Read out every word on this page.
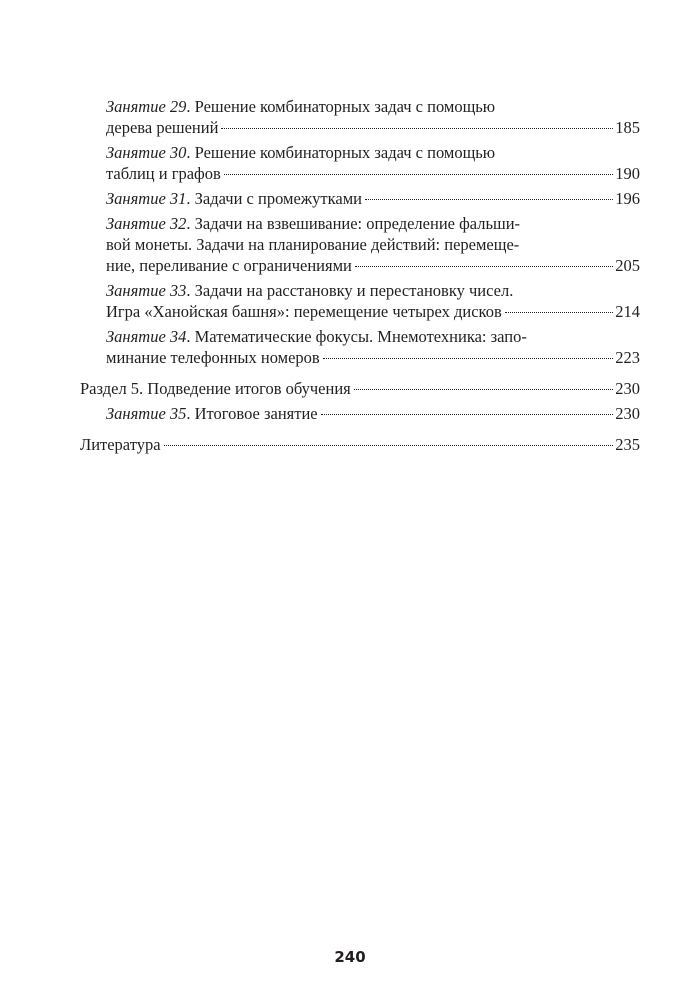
Занятие 29. Решение комбинаторных задач с помощью
дерева решений	185
Занятие 30. Решение комбинаторных задач с помощью
таблиц и графов	190
Занятие 31. Задачи с промежутками	196
Занятие 32. Задачи на взвешивание: определение фальши-
вой монеты. Задачи на планирование действий: перемеще-
ние, переливание с ограничениями	205
Занятие 33. Задачи на расстановку и перестановку чисел.
Игра «Ханойская башня»: перемещение четырех дисков	214
Занятие 34. Математические фокусы. Мнемотехника: запо-
минание телефонных номеров	223
Раздел 5. Подведение итогов обучения	230
Занятие 35. Итоговое занятие	230
Литература	235
240
